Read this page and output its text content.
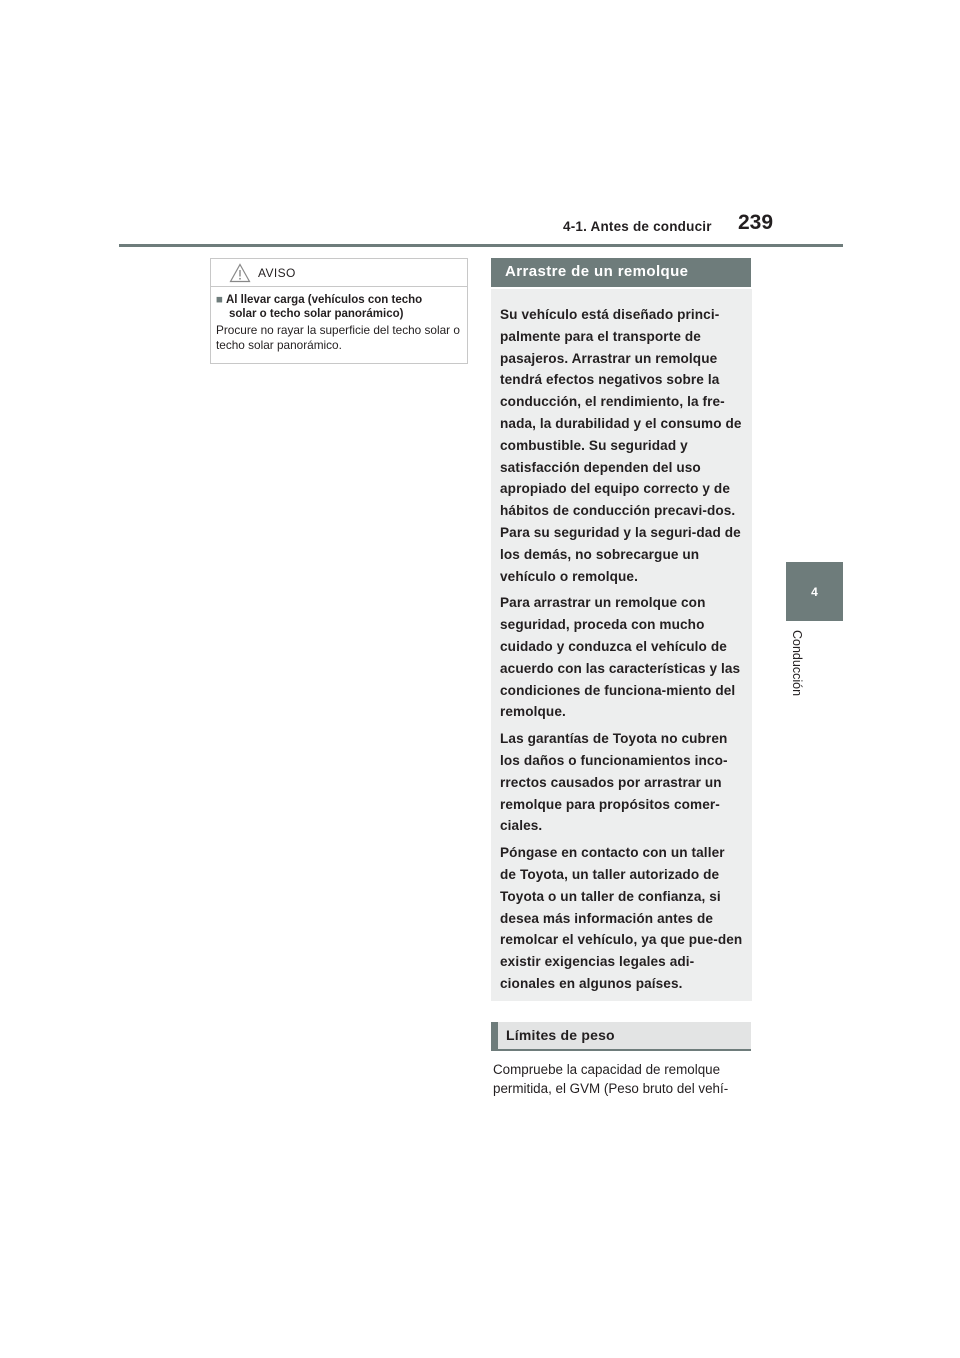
4-1. Antes de conducir 239
4
Conducción
AVISO
■ Al llevar carga (vehículos con techo
solar o techo solar panorámico)
Procure no rayar la superficie del techo solar o techo solar panorámico.
Arrastre de un remolque

Su vehículo está diseñado princi-palmente para el transporte de pasajeros. Arrastrar un remolque tendrá efectos negativos sobre la conducción, el rendimiento, la fre-nada, la durabilidad y el consumo de combustible. Su seguridad y satisfacción dependen del uso apropiado del equipo correcto y de hábitos de conducción precavi-dos. Para su seguridad y la seguri-dad de los demás, no sobrecargue un vehículo o remolque.

Para arrastrar un remolque con seguridad, proceda con mucho cuidado y conduzca el vehículo de acuerdo con las características y las condiciones de funciona-miento del remolque.

Las garantías de Toyota no cubren los daños o funcionamientos inco-rrectos causados por arrastrar un remolque para propósitos comer-ciales.

Póngase en contacto con un taller de Toyota, un taller autorizado de Toyota o un taller de confianza, si desea más información antes de remolcar el vehículo, ya que pue-den existir exigencias legales adi-cionales en algunos países.

Límites de peso

Compruebe la capacidad de remolque permitida, el GVM (Peso bruto del vehí-
